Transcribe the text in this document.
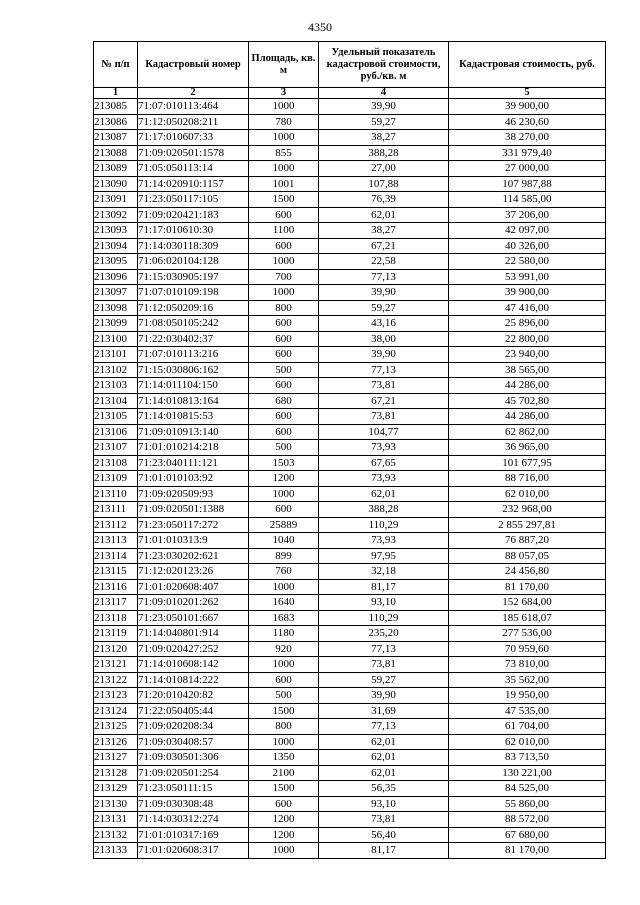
4350
№ п/п	Кадастровый номер	Площадь, кв. м	Удельный показатель кадастровой стоимости, руб./кв. м	Кадастровая стоимость, руб.
1	2	3	4	5
213085	71:07:010113:464	1000	39,90	39 900,00
213086	71:12:050208:211	780	59,27	46 230,60
213087	71:17:010607:33	1000	38,27	38 270,00
213088	71:09:020501:1578	855	388,28	331 979,40
213089	71:05:050113:14	1000	27,00	27 000,00
213090	71:14:020910:1157	1001	107,88	107 987,88
213091	71:23:050117:105	1500	76,39	114 585,00
213092	71:09:020421:183	600	62,01	37 206,00
213093	71:17:010610:30	1100	38,27	42 097,00
213094	71:14:030118:309	600	67,21	40 326,00
213095	71:06:020104:128	1000	22,58	22 580,00
213096	71:15:030905:197	700	77,13	53 991,00
213097	71:07:010109:198	1000	39,90	39 900,00
213098	71:12:050209:16	800	59,27	47 416,00
213099	71:08:050105:242	600	43,16	25 896,00
213100	71:22:030402:37	600	38,00	22 800,00
213101	71:07:010113:216	600	39,90	23 940,00
213102	71:15:030806:162	500	77,13	38 565,00
213103	71:14:011104:150	600	73,81	44 286,00
213104	71:14:010813:164	680	67,21	45 702,80
213105	71:14:010815:53	600	73,81	44 286,00
213106	71:09:010913:140	600	104,77	62 862,00
213107	71:01:010214:218	500	73,93	36 965,00
213108	71:23:040111:121	1503	67,65	101 677,95
213109	71:01:010103:92	1200	73,93	88 716,00
213110	71:09:020509:93	1000	62,01	62 010,00
213111	71:09:020501:1388	600	388,28	232 968,00
213112	71:23:050117:272	25889	110,29	2 855 297,81
213113	71:01:010313:9	1040	73,93	76 887,20
213114	71:23:030202:621	899	97,95	88 057,05
213115	71:12:020123:26	760	32,18	24 456,80
213116	71:01:020608:407	1000	81,17	81 170,00
213117	71:09:010201:262	1640	93,10	152 684,00
213118	71:23:050101:667	1683	110,29	185 618,07
213119	71:14:040801:914	1180	235,20	277 536,00
213120	71:09:020427:252	920	77,13	70 959,60
213121	71:14:010608:142	1000	73,81	73 810,00
213122	71:14:010814:222	600	59,27	35 562,00
213123	71:20:010420:82	500	39,90	19 950,00
213124	71:22:050405:44	1500	31,69	47 535,00
213125	71:09:020208:34	800	77,13	61 704,00
213126	71:09:030408:57	1000	62,01	62 010,00
213127	71:09:030501:306	1350	62,01	83 713,50
213128	71:09:020501:254	2100	62,01	130 221,00
213129	71:23:050111:15	1500	56,35	84 525,00
213130	71:09:030308:48	600	93,10	55 860,00
213131	71:14:030312:274	1200	73,81	88 572,00
213132	71:01:010317:169	1200	56,40	67 680,00
213133	71:01:020608:317	1000	81,17	81 170,00
